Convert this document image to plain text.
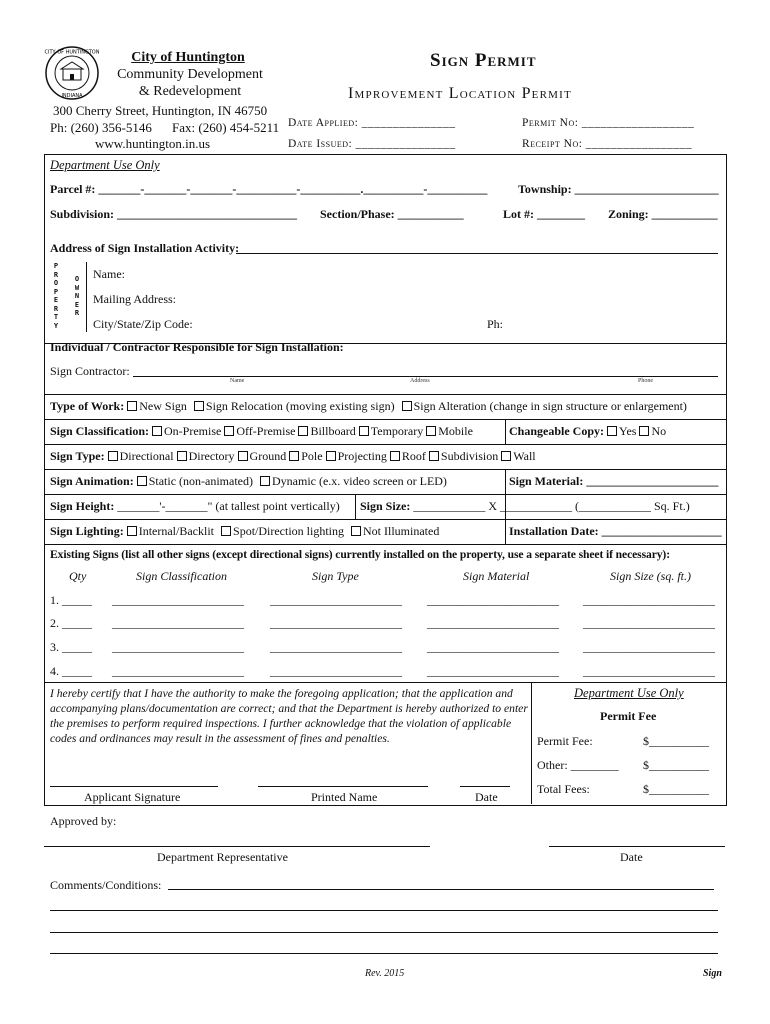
CITY OF HUNTINGTON
INDIANA
City of Huntington
Community Development
& Redevelopment
300 Cherry Street, Huntington, IN 46750
Ph: (260) 356-5146 Fax: (260) 454-5211
www.huntington.in.us
Sign Permit
Improvement Location Permit
Date Applied: _______________
Date Issued: ________________
Permit No: __________________
Receipt No: _________________
Department Use Only
Parcel #: _______-_______-_______-__________-__________.__________-__________	Township: ________________________
Subdivision: ______________________________ Section/Phase: ___________	Lot #: ________ Zoning: ___________
Address of Sign Installation Activity:
P
R
O
P
E
R
T
Y
O
W
N
E
R
Name:
Mailing Address:
City/State/Zip Code:	Ph:
Individual / Contractor Responsible for Sign Installation:
Sign Contractor:
Name	Address	Phone
Type of Work: New Sign Sign Relocation (moving existing sign) Sign Alteration (change in sign structure or enlargement)
Sign Classification: On-Premise Off-Premise Billboard Temporary Mobile	Changeable Copy: Yes No
Sign Type: Directional Directory Ground Pole Projecting Roof Subdivision Wall
Sign Animation: Static (non-animated) Dynamic (e.x. video screen or LED)	Sign Material: ______________________
Sign Height: _______'-_______" (at tallest point vertically) Sign Size: ____________ X ____________ (____________ Sq. Ft.)
Sign Lighting: Internal/Backlit Spot/Direction lighting Not Illuminated	Installation Date: ____________________
Existing Signs (list all other signs (except directional signs) currently installed on the property, use a separate sheet if necessary):
Qty	Sign Classification	Sign Type	Sign Material	Sign Size (sq. ft.)
1. _____ ______________________ ______________________ ______________________ ______________________
2. _____ ______________________ ______________________ ______________________ ______________________
3. _____ ______________________ ______________________ ______________________ ______________________
4. _____ ______________________ ______________________ ______________________ ______________________
I hereby certify that I have the authority to make the foregoing application; that the application and accompanying plans/documentation are correct; and that the Department is hereby authorized to enter the premises to perform required inspections. I further acknowledge that the violation of applicable codes and ordinances may result in the assessment of fines and penalties.
Applicant Signature	Printed Name	Date
Department Use Only
Permit Fee
Permit Fee:	$__________
Other: ________ $__________
Total Fees:	$__________
Approved by:
Department Representative	Date
Comments/Conditions:
Rev. 2015	Sign
